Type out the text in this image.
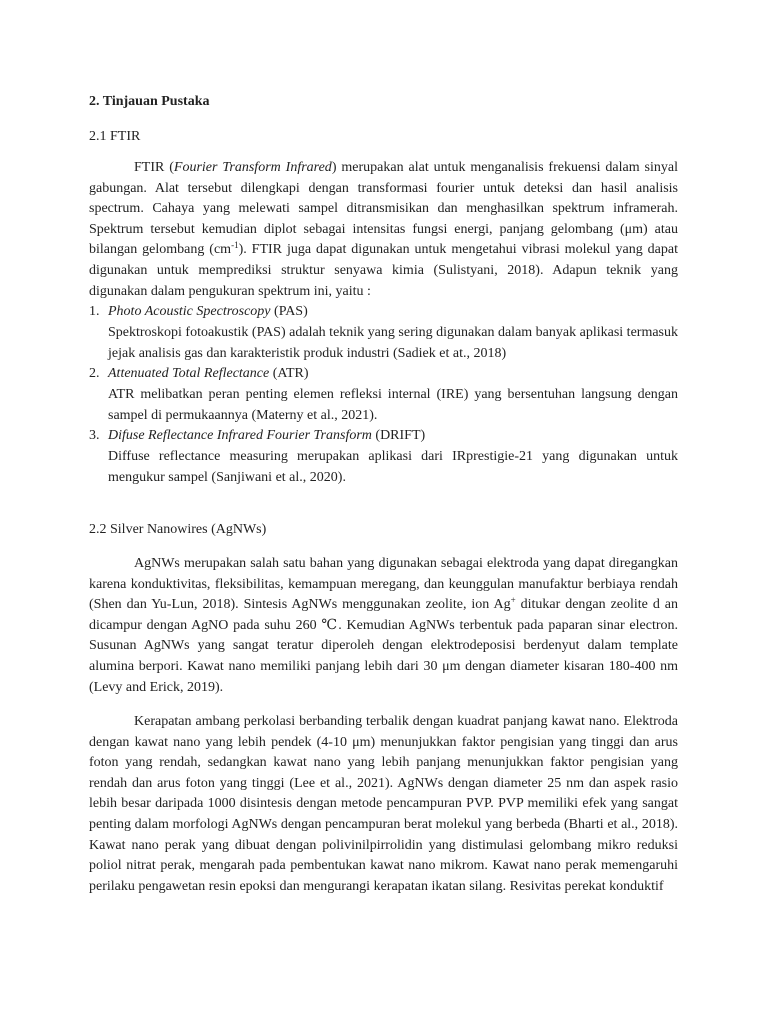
2. Tinjauan Pustaka
2.1 FTIR

FTIR (Fourier Transform Infrared) merupakan alat untuk menganalisis frekuensi dalam sinyal gabungan. Alat tersebut dilengkapi dengan transformasi fourier untuk deteksi dan hasil analisis spectrum. Cahaya yang melewati sampel ditransmisikan dan menghasilkan spektrum inframerah. Spektrum tersebut kemudian diplot sebagai intensitas fungsi energi, panjang gelombang (μm) atau bilangan gelombang $(cm^{-1})$. FTIR juga dapat digunakan untuk mengetahui vibrasi molekul yang dapat digunakan untuk memprediksi struktur senyawa kimia (Sulistyani, 2018). Adapun teknik yang digunakan dalam pengukuran spektrum ini, yaitu :

1. Photo Acoustic Spectroscopy (PAS)

Spektroskopi fotoakustik (PAS) adalah teknik yang sering digunakan dalam banyak aplikasi termasuk jejak analisis gas dan karakteristik produk industri (Sadiek et at., 2018)

2. Attenuated Total Reflectance (ATR)

ATR melibatkan peran penting elemen refleksi internal (IRE) yang bersentuhan langsung dengan sampel di permukaannya (Materny et al., 2021).

3. Difuse Reflectance Infrared Fourier Transform (DRIFT)

Diffuse reflectance measuring merupakan aplikasi dari IRprestigie-21 yang digunakan untuk mengukur sampel (Sanjiwani et al., 2020).

2.2 Silver Nanowires (AgNWs)

AgNWs merupakan salah satu bahan yang digunakan sebagai elektroda yang dapat diregangkan karena konduktivitas, fleksibilitas, kemampuan meregang, dan keunggulan manufaktur berbiaya rendah (Shen dan Yu-Lun, 2018). Sintesis AgNWs menggunakan zeolite, ion Ag+ ditukar dengan zeolite d an dicampur dengan AgNO pada suhu 260 ℃. Kemudian AgNWs terbentuk pada paparan sinar electron. Susunan AgNWs yang sangat teratur diperoleh dengan elektrodeposisi berdenyut dalam template alumina berpori. Kawat nano memiliki panjang lebih dari 30 μm dengan diameter kisaran 180-400 nm (Levy and Erick, 2019).

Kerapatan ambang perkolasi berbanding terbalik dengan kuadrat panjang kawat nano. Elektroda dengan kawat nano yang lebih pendek (4-10 μm) menunjukkan faktor pengisian yang tinggi dan arus foton yang rendah, sedangkan kawat nano yang lebih panjang menunjukkan faktor pengisian yang rendah dan arus foton yang tinggi (Lee et al., 2021). AgNWs dengan diameter 25 nm dan aspek rasio lebih besar daripada 1000 disintesis dengan metode pencampuran PVP. PVP memiliki efek yang sangat penting dalam morfologi AgNWs dengan pencampuran berat molekul yang berbeda (Bharti et al., 2018). Kawat nano perak yang dibuat dengan polivinilpirrolidin yang distimulasi gelombang mikro reduksi poliol nitrat perak, mengarah pada pembentukan kawat nano mikrom. Kawat nano perak memengaruhi perilaku pengawetan resin epoksi dan mengurangi kerapatan ikatan silang. Resivitas perekat konduktif
